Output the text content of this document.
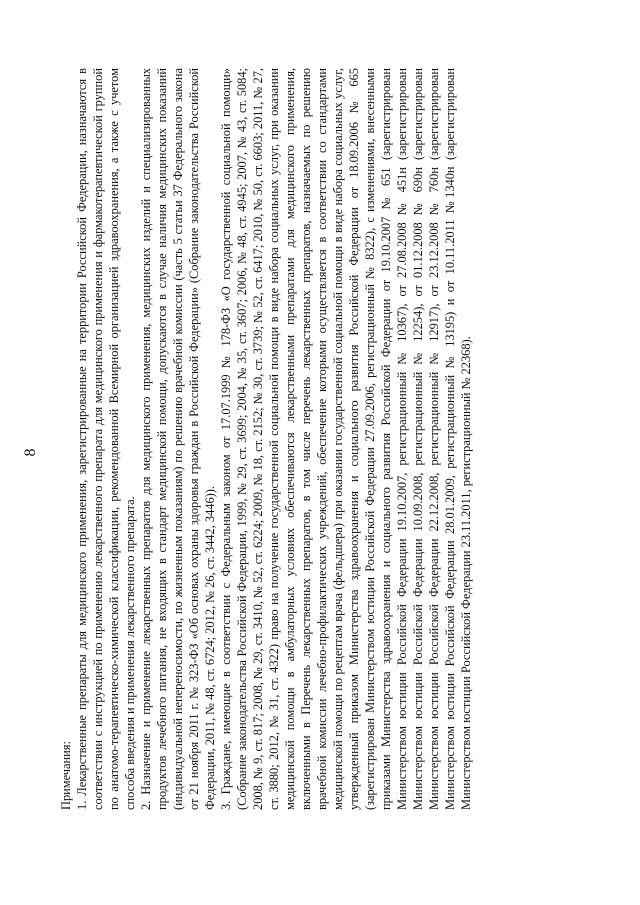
8

Примечания: 1. Лекарственные препараты для медицинского применения, зарегистрированные на территории Российской Федерации, назначаются в соответствии с инструкцией по применению лекарственного препарата для медицинского применения и фармакотерапевтической группой по анатомо-терапевтическо-химической классификации, рекомендованной Всемирной организацией здравоохранения, а также с учетом способа введения и применения лекарственного препарата. 2. Назначение и применение лекарственных препаратов для медицинского применения, медицинских изделий и специализированных продуктов лечебного питания, не входящих в стандарт медицинской помощи, допускаются в случае наличия медицинских показаний (индивидуальной непереносимости, по жизненным показаниям) по решению врачебной комиссии (часть 5 статьи 37 Федерального закона от 21 ноября 2011 г. № 323-ФЗ «Об основах охраны здоровья граждан в Российской Федерации» (Собрание законодательства Российской Федерации, 2011, № 48, ст. 6724; 2012, № 26, ст. 3442, 3446)). 3. Граждане, имеющие в соответствии с Федеральным законом от 17.07.1999 № 178-ФЗ «О государственной социальной помощи» (Собрание законодательства Российской Федерации, 1999, № 29, ст. 3699; 2004, № 35, ст. 3607; 2006, № 48, ст. 4945; 2007, № 43, ст. 5084; 2008, № 9, ст. 817; 2008, № 29, ст. 3410, № 52, ст. 6224; 2009, № 18, ст. 2152; № 30, ст. 3739; № 52, ст. 6417; 2010, № 50, ст. 6603; 2011, № 27, ст. 3880; 2012, № 31, ст. 4322) право на получение государственной социальной помощи в виде набора социальных услуг, при оказании медицинской помощи в амбулаторных условиях обеспечиваются лекарственными препаратами для медицинского применения, включенными в Перечень лекарственных препаратов, в том числе перечень лекарственных препаратов, назначаемых по решению врачебной комиссии лечебно-профилактических учреждений, обеспечение которыми осуществляется в соответствии со стандартами медицинской помощи по рецептам врача (фельдшера) при оказании государственной социальной помощи в виде набора социальных услуг, утвержденный приказом Министерства здравоохранения и социального развития Российской Федерации от 18.09.2006 № 665 (зарегистрирован Министерством юстиции Российской Федерации 27.09.2006, регистрационный № 8322), с изменениями, внесенными приказами Министерства здравоохранения и социального развития Российской Федерации от 19.10.2007 № 651 (зарегистрирован Министерством юстиции Российской Федерации 19.10.2007, регистрационный № 10367), от 27.08.2008 № 451н (зарегистрирован Министерством юстиции Российской Федерации 10.09.2008, регистрационный № 12254), от 01.12.2008 № 690н (зарегистрирован Министерством юстиции Российской Федерации 22.12.2008, регистрационный № 12917), от 23.12.2008 № 760н (зарегистрирован Министерством юстиции Российской Федерации 28.01.2009, регистрационный № 13195) и от 10.11.2011 №1340н (зарегистрирован Министерством юстиции Российской Федерации 23.11.2011, регистрационный № 22368).
